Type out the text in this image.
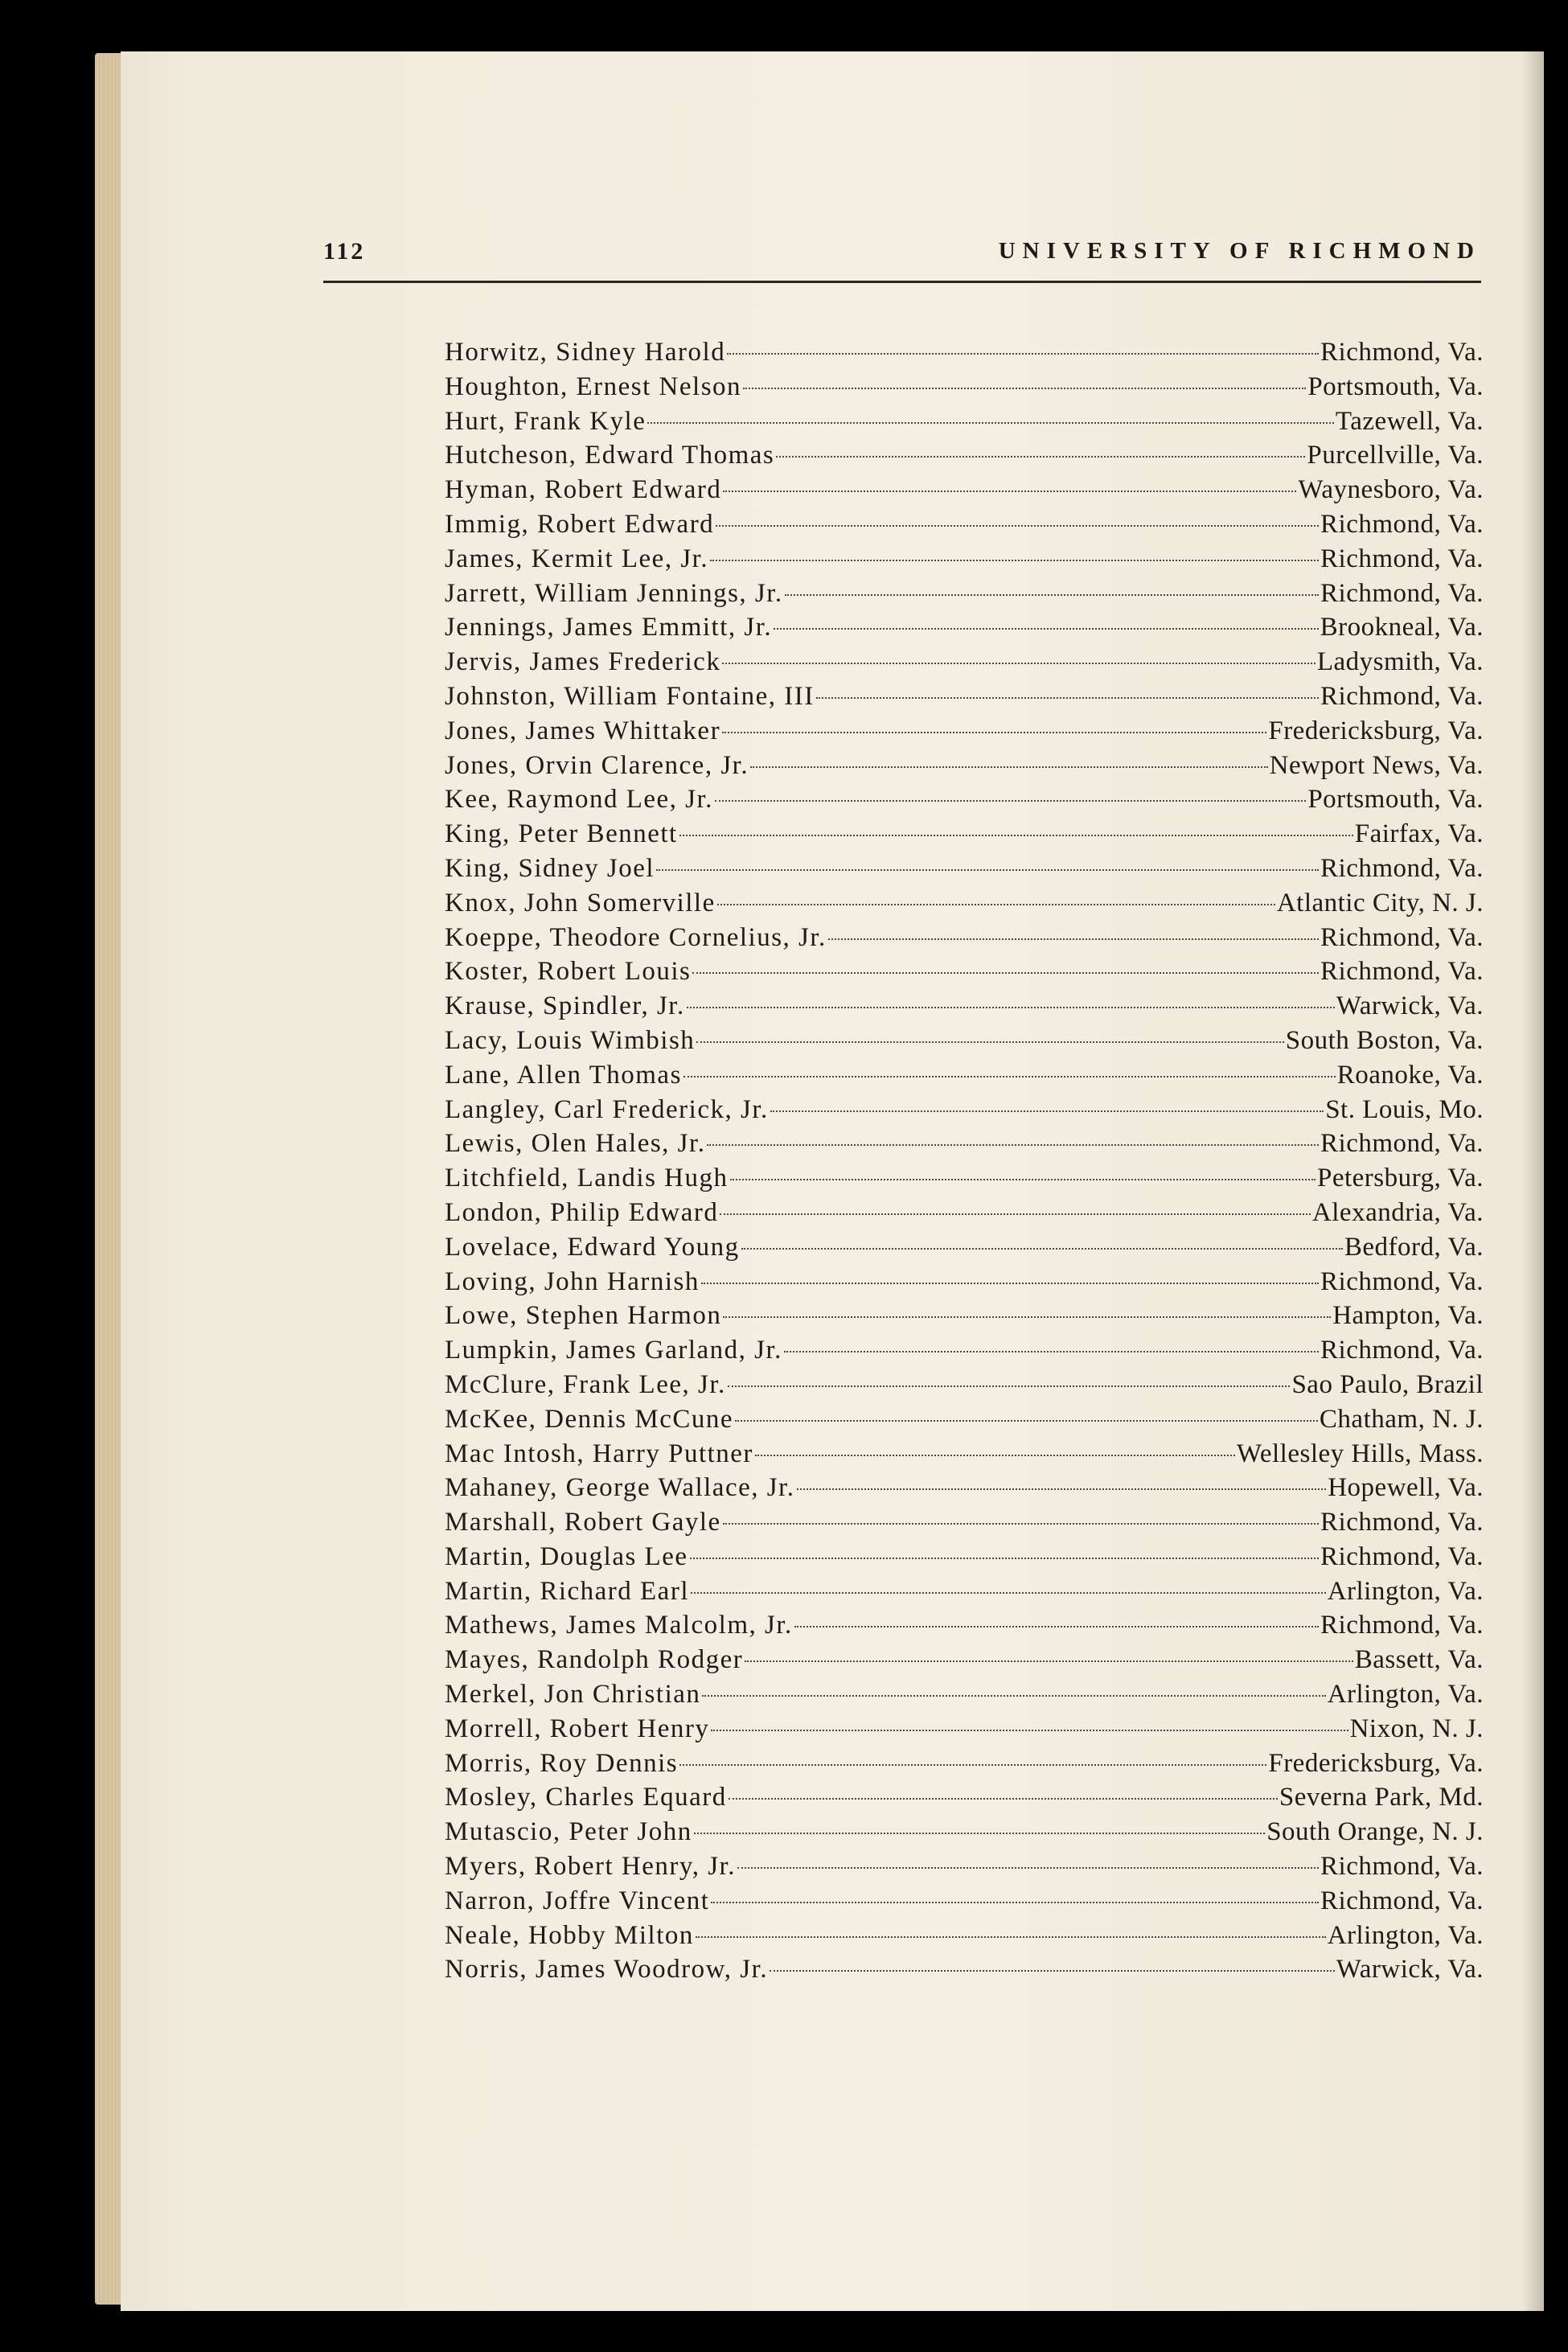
112	UNIVERSITY OF RICHMOND
Horwitz, Sidney Harold	Richmond, Va.
Houghton, Ernest Nelson	Portsmouth, Va.
Hurt, Frank Kyle	Tazewell, Va.
Hutcheson, Edward Thomas	Purcellville, Va.
Hyman, Robert Edward	Waynesboro, Va.
Immig, Robert Edward	Richmond, Va.
James, Kermit Lee, Jr.	Richmond, Va.
Jarrett, William Jennings, Jr.	Richmond, Va.
Jennings, James Emmitt, Jr.	Brookneal, Va.
Jervis, James Frederick	Ladysmith, Va.
Johnston, William Fontaine, III	Richmond, Va.
Jones, James Whittaker	Fredericksburg, Va.
Jones, Orvin Clarence, Jr.	Newport News, Va.
Kee, Raymond Lee, Jr.	Portsmouth, Va.
King, Peter Bennett	Fairfax, Va.
King, Sidney Joel	Richmond, Va.
Knox, John Somerville	Atlantic City, N. J.
Koeppe, Theodore Cornelius, Jr.	Richmond, Va.
Koster, Robert Louis	Richmond, Va.
Krause, Spindler, Jr.	Warwick, Va.
Lacy, Louis Wimbish	South Boston, Va.
Lane, Allen Thomas	Roanoke, Va.
Langley, Carl Frederick, Jr.	St. Louis, Mo.
Lewis, Olen Hales, Jr.	Richmond, Va.
Litchfield, Landis Hugh	Petersburg, Va.
London, Philip Edward	Alexandria, Va.
Lovelace, Edward Young	Bedford, Va.
Loving, John Harnish	Richmond, Va.
Lowe, Stephen Harmon	Hampton, Va.
Lumpkin, James Garland, Jr.	Richmond, Va.
McClure, Frank Lee, Jr.	Sao Paulo, Brazil
McKee, Dennis McCune	Chatham, N. J.
Mac Intosh, Harry Puttner	Wellesley Hills, Mass.
Mahaney, George Wallace, Jr.	Hopewell, Va.
Marshall, Robert Gayle	Richmond, Va.
Martin, Douglas Lee	Richmond, Va.
Martin, Richard Earl	Arlington, Va.
Mathews, James Malcolm, Jr.	Richmond, Va.
Mayes, Randolph Rodger	Bassett, Va.
Merkel, Jon Christian	Arlington, Va.
Morrell, Robert Henry	Nixon, N. J.
Morris, Roy Dennis	Fredericksburg, Va.
Mosley, Charles Equard	Severna Park, Md.
Mutascio, Peter John	South Orange, N. J.
Myers, Robert Henry, Jr.	Richmond, Va.
Narron, Joffre Vincent	Richmond, Va.
Neale, Hobby Milton	Arlington, Va.
Norris, James Woodrow, Jr.	Warwick, Va.
